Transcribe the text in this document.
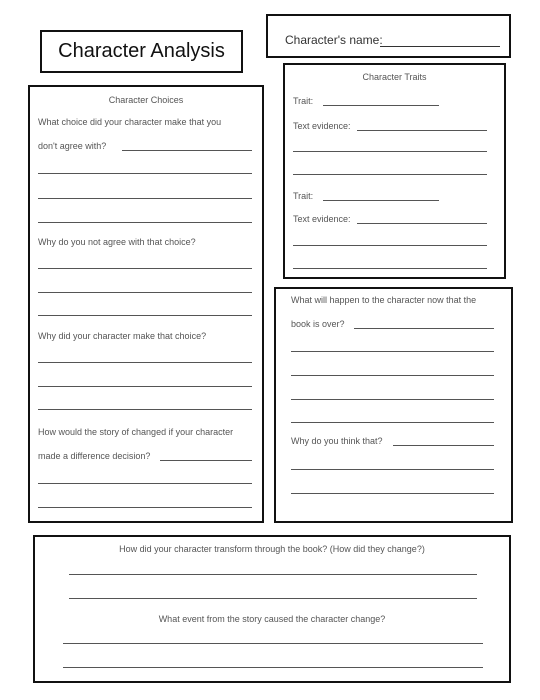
Character Analysis	Character's name:
Character Choices
What choice did your character make that you
don't agree with?
Why do you not agree with that choice?
Why did your character make that choice?
How would the story of changed if your character
made a difference decision?
Character Traits
Trait:
Text evidence:
Trait:
Text evidence:
What will happen to the character now that the
book is over?
Why do you think that?
How did your character transform through the book? (How did they change?)
What event from the story caused the character change?
